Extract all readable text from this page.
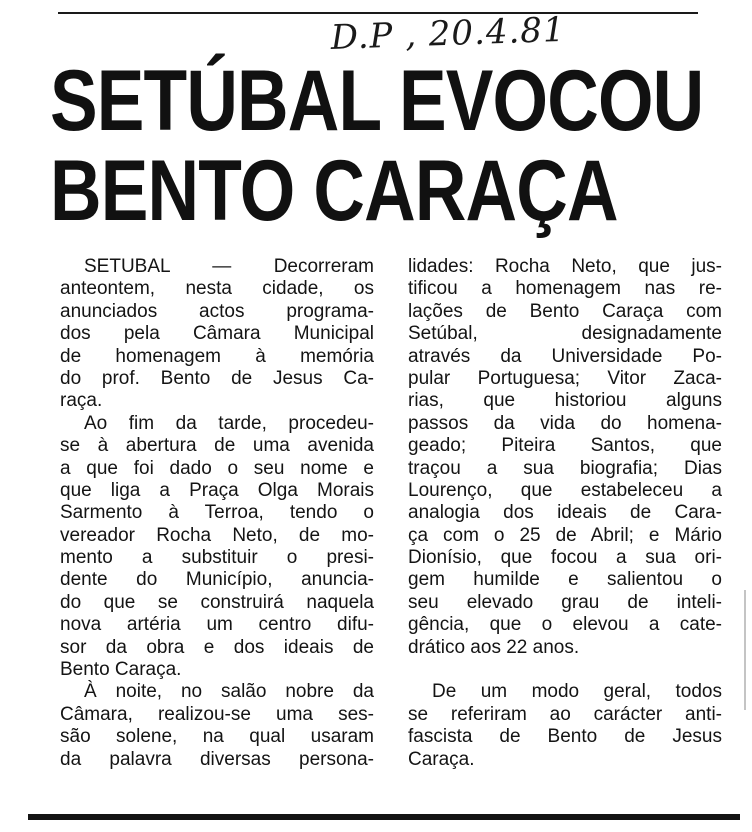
D.P , 20.4.81
SETÚBAL EVOCOU
BENTO CARAÇA
SETUBAL — Decorreram
anteontem, nesta cidade, os
anunciados actos programa-
dos pela Câmara Municipal
de homenagem à memória
do prof. Bento de Jesus Ca-
raça.
Ao fim da tarde, procedeu-
se à abertura de uma avenida
a que foi dado o seu nome e
que liga a Praça Olga Morais
Sarmento à Terroa, tendo o
vereador Rocha Neto, de mo-
mento a substituir o presi-
dente do Município, anuncia-
do que se construirá naquela
nova artéria um centro difu-
sor da obra e dos ideais de
Bento Caraça.
À noite, no salão nobre da
Câmara, realizou-se uma ses-
são solene, na qual usaram
da palavra diversas persona-
lidades: Rocha Neto, que jus-
tificou a homenagem nas re-
lações de Bento Caraça com
Setúbal, designadamente
através da Universidade Po-
pular Portuguesa; Vitor Zaca-
rias, que historiou alguns
passos da vida do homena-
geado; Piteira Santos, que
traçou a sua biografia; Dias
Lourenço, que estabeleceu a
analogia dos ideais de Cara-
ça com o 25 de Abril; e Mário
Dionísio, que focou a sua ori-
gem humilde e salientou o
seu elevado grau de inteli-
gência, que o elevou a cate-
drático aos 22 anos.
De um modo geral, todos
se referiram ao carácter anti-
fascista de Bento de Jesus
Caraça.
